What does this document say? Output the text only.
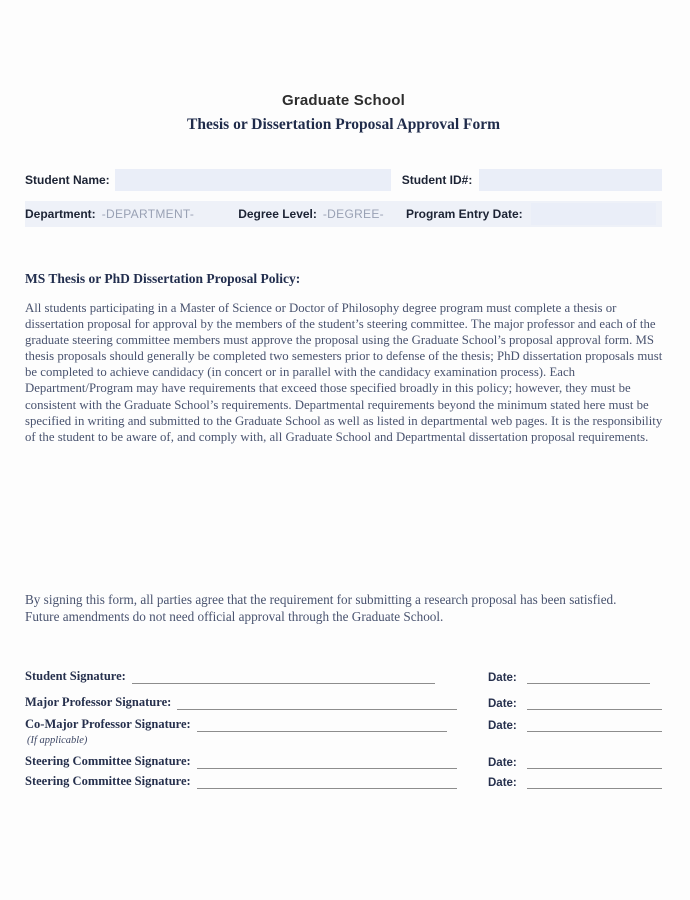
Graduate School
Thesis or Dissertation Proposal Approval Form
Student Name:	Student ID#:
Department: -DEPARTMENT-	Degree Level: -DEGREE- Program Entry Date:
MS Thesis or PhD Dissertation Proposal Policy:
All students participating in a Master of Science or Doctor of Philosophy degree program must complete a thesis or dissertation proposal for approval by the members of the student’s steering committee. The major professor and each of the graduate steering committee members must approve the proposal using the Graduate School’s proposal approval form. MS thesis proposals should generally be completed two semesters prior to defense of the thesis; PhD dissertation proposals must be completed to achieve candidacy (in concert or in parallel with the candidacy examination process). Each Department/Program may have requirements that exceed those specified broadly in this policy; however, they must be consistent with the Graduate School’s requirements. Departmental requirements beyond the minimum stated here must be specified in writing and submitted to the Graduate School as well as listed in departmental web pages. It is the responsibility of the student to be aware of, and comply with, all Graduate School and Departmental dissertation proposal requirements.
By signing this form, all parties agree that the requirement for submitting a research proposal has been satisfied. Future amendments do not need official approval through the Graduate School.
Student Signature:	Date:
Major Professor Signature:	Date:
Co-Major Professor Signature:	Date:
(If applicable)
Steering Committee Signature:	Date:
Steering Committee Signature:	Date:
